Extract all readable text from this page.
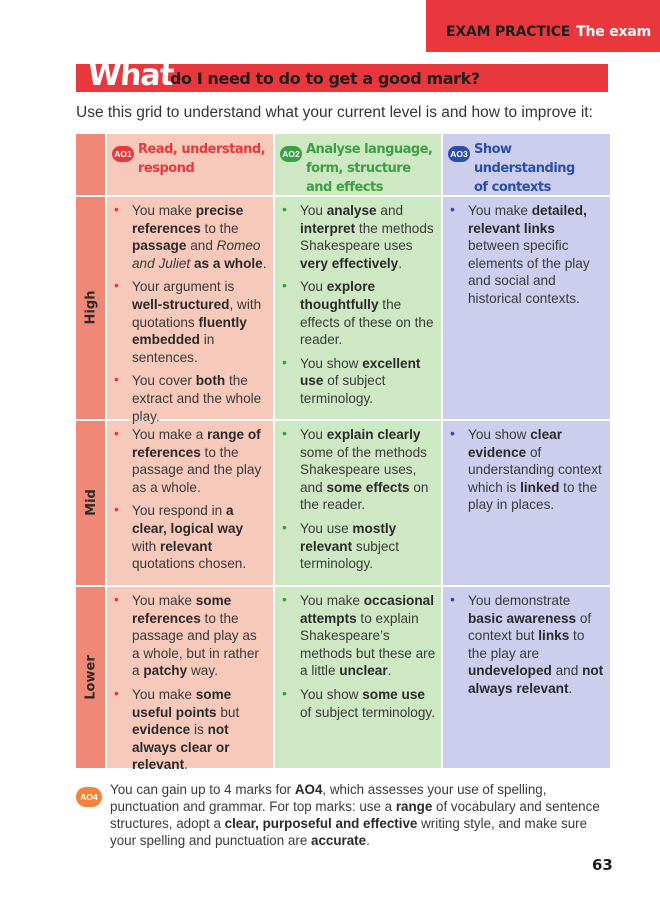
EXAM PRACTICE The exam
What
do I need to do to get a good mark?
Use this grid to understand what your current level is and how to improve it:
AO1 Read, understand,
respond
AO2 Analyse language,
form, structure
and effects
AO3 Show understanding
of contexts
High
• You make precise references to the passage and Romeo and Juliet as a whole.
• Your argument is well-structured, with quotations fluently embedded in sentences.
• You cover both the extract and the whole play.
• You analyse and interpret the methods Shakespeare uses very effectively.
• You explore thoughtfully the effects of these on the reader.
• You show excellent use of subject terminology.
• You make detailed, relevant links between specific elements of the play and social and historical contexts.
Mid
• You make a range of references to the passage and the play as a whole.
• You respond in a clear, logical way with relevant quotations chosen.
• You explain clearly some of the methods Shakespeare uses, and some effects on the reader.
• You use mostly relevant subject terminology.
• You show clear evidence of understanding context which is linked to the play in places.
Lower
• You make some references to the passage and play as a whole, but in rather a patchy way.
• You make some useful points but evidence is not always clear or relevant.
• You make occasional attempts to explain Shakespeare’s methods but these are a little unclear.
• You show some use of subject terminology.
• You demonstrate basic awareness of context but links to the play are undeveloped and not always relevant.
AO4 You can gain up to 4 marks for AO4, which assesses your use of spelling, punctuation and grammar. For top marks: use a range of vocabulary and sentence structures, adopt a clear, purposeful and effective writing style, and make sure your spelling and punctuation are accurate.
63
